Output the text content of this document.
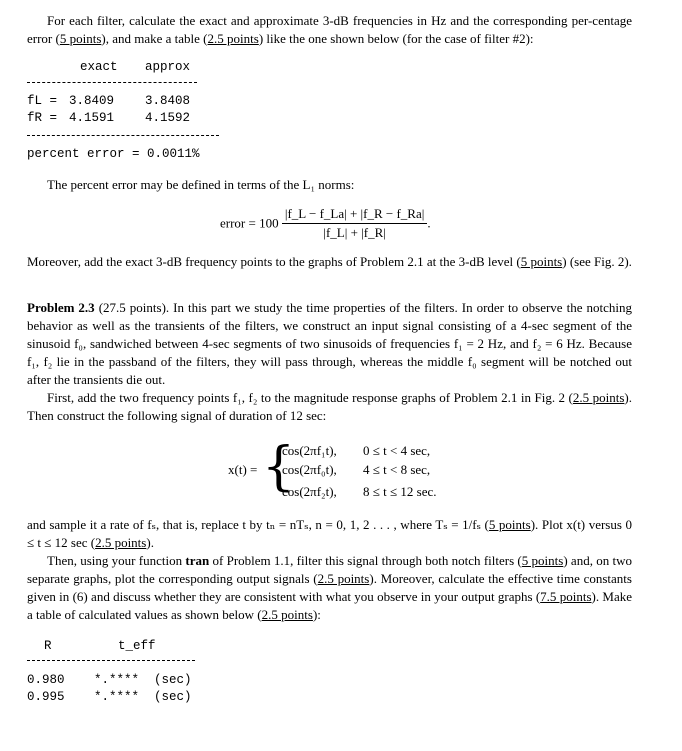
For each filter, calculate the exact and approximate 3-dB frequencies in Hz and the corresponding per-centage error (5 points), and make a table (2.5 points) like the one shown below (for the case of filter #2):
exact approx
fL = 3.8409 3.8408
fR = 4.1591 4.1592
percent error = 0.0011%
The percent error may be defined in terms of the L₁ norms:
error = $100 \frac{|f\_L - f\_La| + |f\_R - f\_Ra|}{|f\_L| + |f\_R|}$ .
Moreover, add the exact 3-dB frequency points to the graphs of Problem 2.1 at the 3-dB level (5 points) (see Fig. 2).
Problem 2.3 (27.5 points). In this part we study the time properties of the filters. In order to observe the notching behavior as well as the transients of the filters, we construct an input signal consisting of a 4-sec segment of the sinusoid f₀, sandwiched between 4-sec segments of two sinusoids of frequencies f₁ = 2 Hz, and f₂ = 6 Hz. Because f₁, f₂ lie in the passband of the filters, they will pass through, whereas the middle f₀ segment will be notched out after the transients die out.
First, add the two frequency points f₁, f₂ to the magnitude response graphs of Problem 2.1 in Fig. 2 (2.5 points). Then construct the following signal of duration of 12 sec:
x(t) = {
cos(2πf₁t), 0 ≤ t < 4 sec,
cos(2πf₀t), 4 ≤ t < 8 sec,
cos(2πf₂t), 8 ≤ t ≤ 12 sec.
and sample it a rate of fₛ, that is, replace t by tₙ = nTₛ, n = 0, 1, 2 . . . , where Tₛ = 1/fₛ (5 points). Plot x(t) versus 0 ≤ t ≤ 12 sec (2.5 points).
Then, using your function tran of Problem 1.1, filter this signal through both notch filters (5 points) and, on two separate graphs, plot the corresponding output signals (2.5 points). Moreover, calculate the effective time constants given in (6) and discuss whether they are consistent with what you observe in your output graphs (7.5 points). Make a table of calculated values as shown below (2.5 points):
R	t_eff
0.980 *.**** (sec)
0.995 *.**** (sec)
